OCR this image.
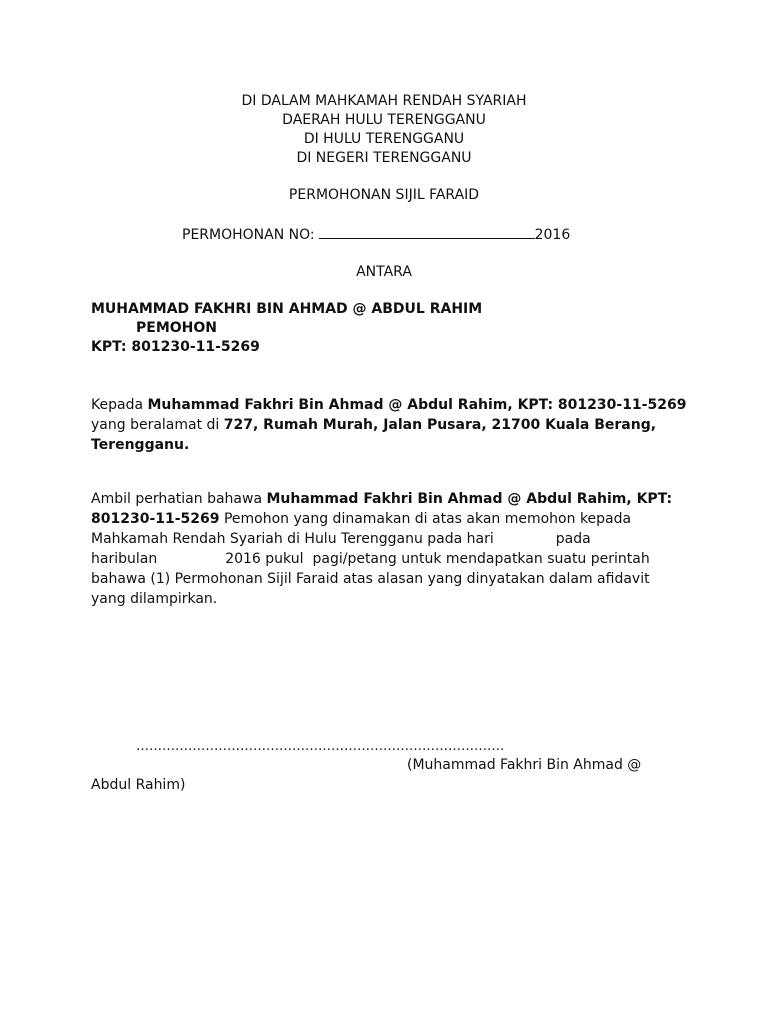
DI DALAM MAHKAMAH RENDAH SYARIAH
DAERAH HULU TERENGGANU
DI HULU TERENGGANU
DI NEGERI TERENGGANU
PERMOHONAN SIJIL FARAID
PERMOHONAN NO:	2016
ANTARA
MUHAMMAD FAKHRI BIN AHMAD @ ABDUL RAHIM
PEMOHON
KPT: 801230-11-5269
Kepada Muhammad Fakhri Bin Ahmad @ Abdul Rahim, KPT: 801230-11-5269
yang beralamat di 727, Rumah Murah, Jalan Pusara, 21700 Kuala Berang,
Terengganu.
Ambil perhatian bahawa Muhammad Fakhri Bin Ahmad @ Abdul Rahim, KPT:
801230-11-5269 Pemohon yang dinamakan di atas akan memohon kepada
Mahkamah Rendah Syariah di Hulu Terengganu pada hari	pada
haribulan	2016 pukul pagi/petang untuk mendapatkan suatu perintah
bahawa (1) Permohonan Sijil Faraid atas alasan yang dinyatakan dalam afidavit
yang dilampirkan.
………………………………………………………………………….
(Muhammad Fakhri Bin Ahmad @
Abdul Rahim)
